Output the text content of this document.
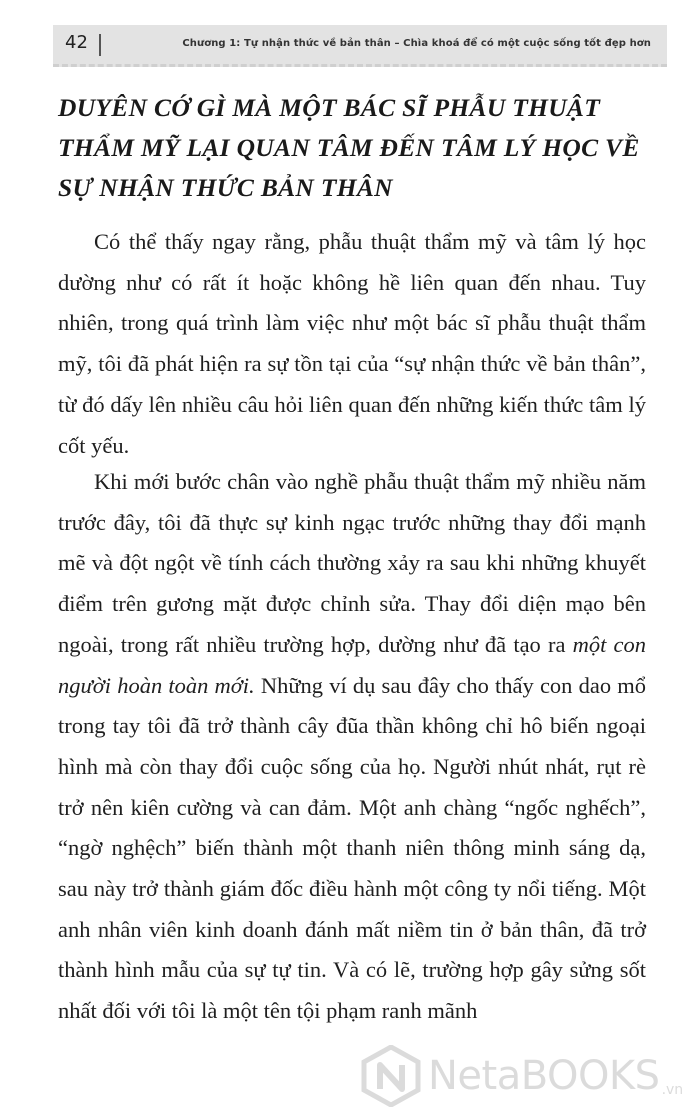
42	Chương 1: Tự nhận thức về bản thân – Chìa khoá để có một cuộc sống tốt đẹp hơn
DUYÊN CỚ GÌ MÀ MỘT BÁC SĨ PHẪU THUẬT THẨM MỸ LẠI QUAN TÂM ĐẾN TÂM LÝ HỌC VỀ SỰ NHẬN THỨC BẢN THÂN

Có thể thấy ngay rằng, phẫu thuật thẩm mỹ và tâm lý học dường như có rất ít hoặc không hề liên quan đến nhau. Tuy nhiên, trong quá trình làm việc như một bác sĩ phẫu thuật thẩm mỹ, tôi đã phát hiện ra sự tồn tại của “sự nhận thức về bản thân”, từ đó dấy lên nhiều câu hỏi liên quan đến những kiến thức tâm lý cốt yếu.

Khi mới bước chân vào nghề phẫu thuật thẩm mỹ nhiều năm trước đây, tôi đã thực sự kinh ngạc trước những thay đổi mạnh mẽ và đột ngột về tính cách thường xảy ra sau khi những khuyết điểm trên gương mặt được chỉnh sửa. Thay đổi diện mạo bên ngoài, trong rất nhiều trường hợp, dường như đã tạo ra một con người hoàn toàn mới. Những ví dụ sau đây cho thấy con dao mổ trong tay tôi đã trở thành cây đũa thần không chỉ hô biến ngoại hình mà còn thay đổi cuộc sống của họ. Người nhút nhát, rụt rè trở nên kiên cường và can đảm. Một anh chàng “ngốc nghếch”, “ngờ nghệch” biến thành một thanh niên thông minh sáng dạ, sau này trở thành giám đốc điều hành một công ty nổi tiếng. Một anh nhân viên kinh doanh đánh mất niềm tin ở bản thân, đã trở thành hình mẫu của sự tự tin. Và có lẽ, trường hợp gây sửng sốt nhất đối với tôi là một tên tội phạm ranh mãnh

NetaBOOKS .vn
